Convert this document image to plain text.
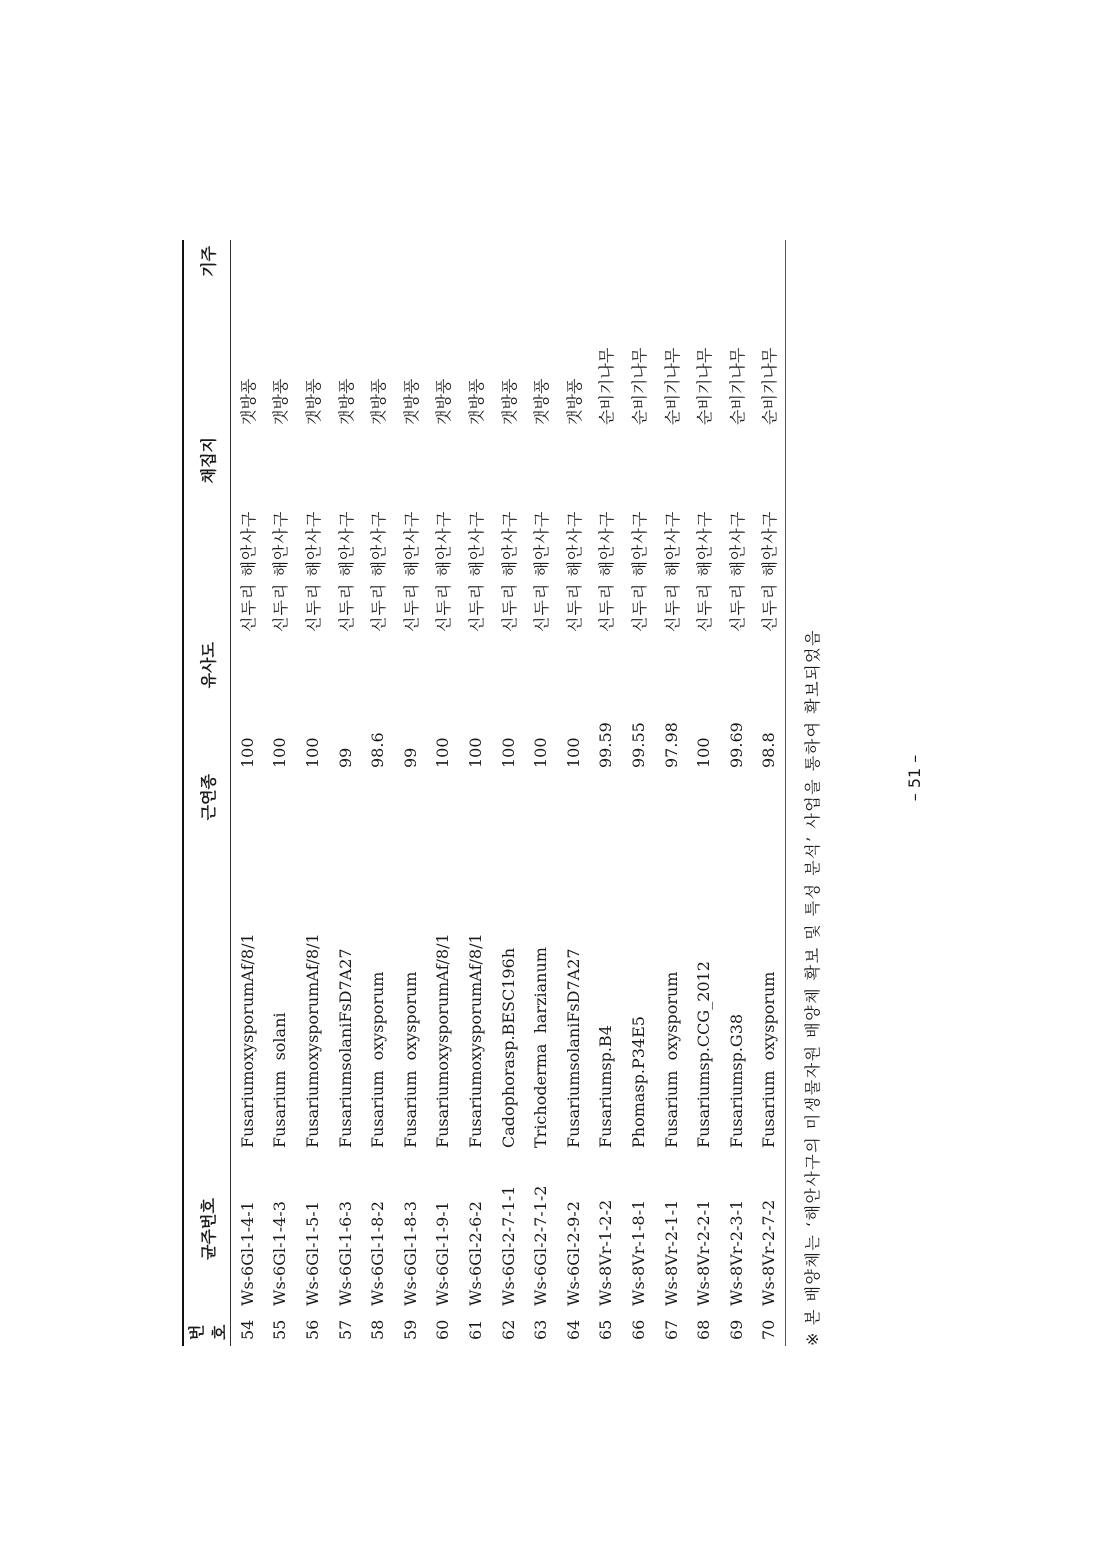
번호	균주번호	근연종	유사도	채집지	기주
54	Ws-6Gl-1-4-1	FusariumoxysporumAf/8/1	100	신두리 해안사구	갯방풍
55	Ws-6Gl-1-4-3	Fusarium  solani	100	신두리 해안사구	갯방풍
56	Ws-6Gl-1-5-1	FusariumoxysporumAf/8/1	100	신두리 해안사구	갯방풍
57	Ws-6Gl-1-6-3	FusariumsolaniFsD7A27	99	신두리 해안사구	갯방풍
58	Ws-6Gl-1-8-2	Fusarium  oxysporum	98.6	신두리 해안사구	갯방풍
59	Ws-6Gl-1-8-3	Fusarium  oxysporum	99	신두리 해안사구	갯방풍
60	Ws-6Gl-1-9-1	FusariumoxysporumAf/8/1	100	신두리 해안사구	갯방풍
61	Ws-6Gl-2-6-2	FusariumoxysporumAf/8/1	100	신두리 해안사구	갯방풍
62	Ws-6Gl-2-7-1-1	Cadophorasp.BESC196h	100	신두리 해안사구	갯방풍
63	Ws-6Gl-2-7-1-2	Trichoderma  harzianum	100	신두리 해안사구	갯방풍
64	Ws-6Gl-2-9-2	FusariumsolaniFsD7A27	100	신두리 해안사구	갯방풍
65	Ws-8Vr-1-2-2	Fusariumsp.B4	99.59	신두리 해안사구	순비기나무
66	Ws-8Vr-1-8-1	Phomasp.P34E5	99.55	신두리 해안사구	순비기나무
67	Ws-8Vr-2-1-1	Fusarium  oxysporum	97.98	신두리 해안사구	순비기나무
68	Ws-8Vr-2-2-1	Fusariumsp.CCG_2012	100	신두리 해안사구	순비기나무
69	Ws-8Vr-2-3-1	Fusariumsp.G38	99.69	신두리 해안사구	순비기나무
70	Ws-8Vr-2-7-2	Fusarium  oxysporum	98.8	신두리 해안사구	순비기나무
※본 배양체는 ‘해안사구의 미생물자원 배양체 확보 및 특성 분석’ 사업을 통하여 확보되었음	– 51 –
